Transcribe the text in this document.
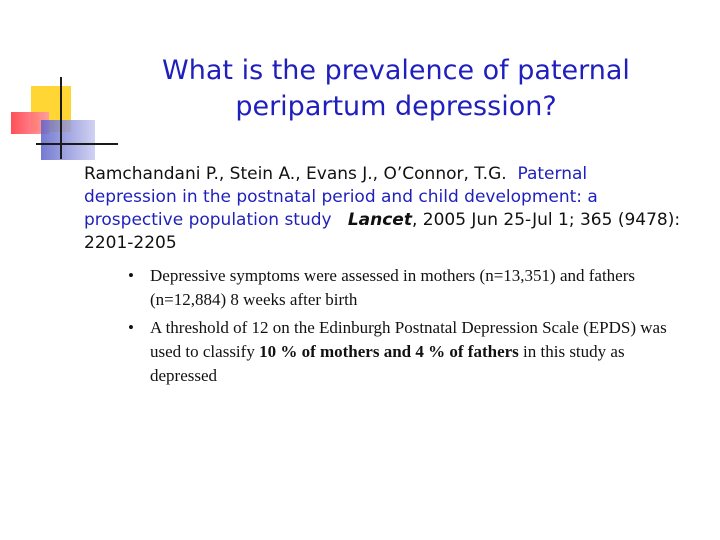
What is the prevalence of paternal peripartum depression?
Ramchandani P., Stein A., Evans J., O’Connor, T.G. Paternal depression in the postnatal period and child development: a prospective population study Lancet, 2005 Jun 25-Jul 1; 365 (9478): 2201-2205
• Depressive symptoms were assessed in mothers (n=13,351) and fathers (n=12,884) 8 weeks after birth
• A threshold of 12 on the Edinburgh Postnatal Depression Scale (EPDS) was used to classify 10 % of mothers and 4 % of fathers in this study as depressed
